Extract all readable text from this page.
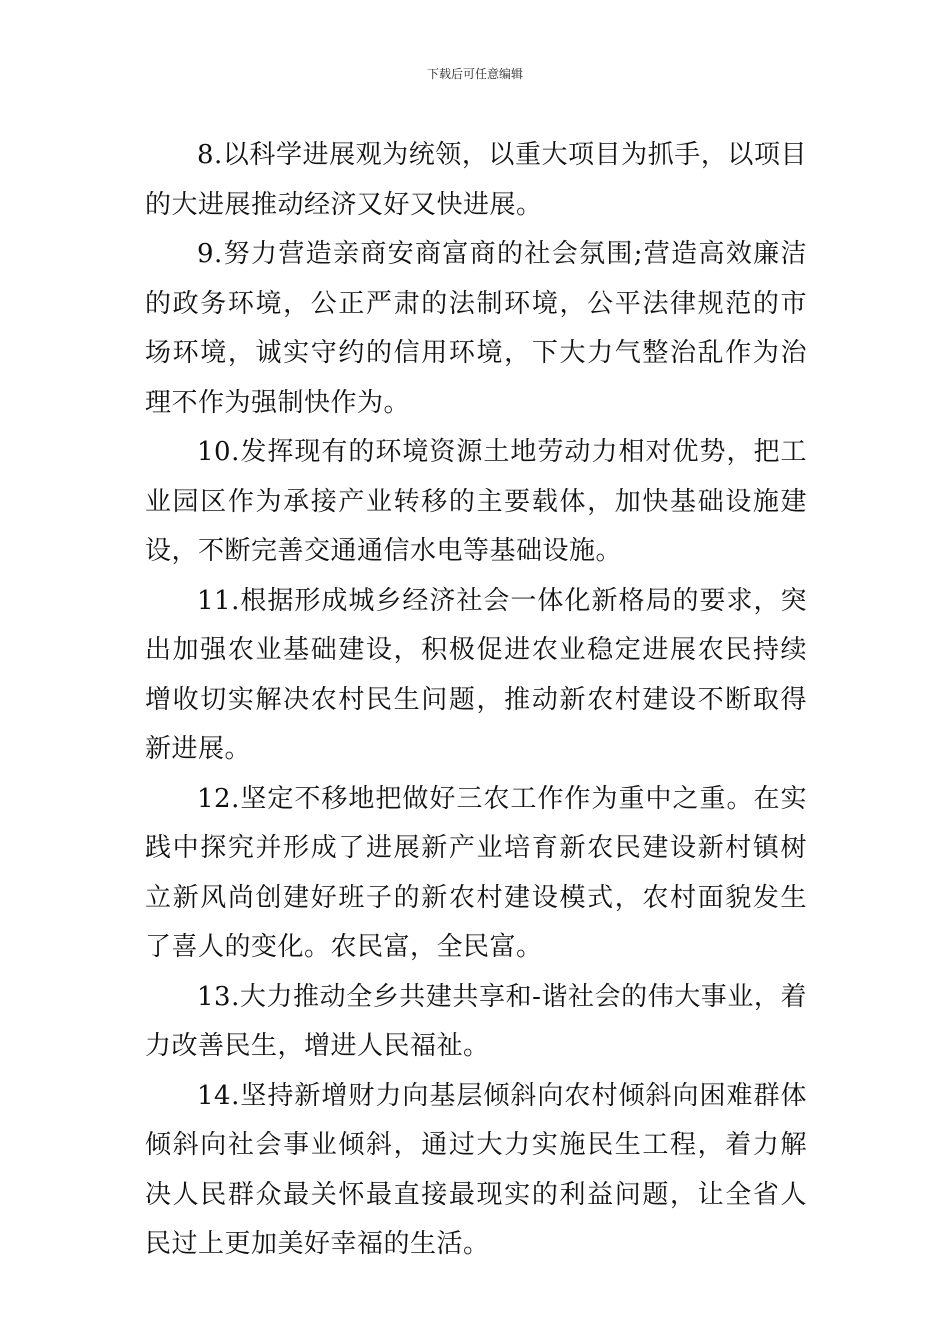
下载后可任意编辑

8.以科学进展观为统领，以重大项目为抓手，以项目的大进展推动经济又好又快进展。

9.努力营造亲商安商富商的社会氛围;营造高效廉洁的政务环境，公正严肃的法制环境，公平法律规范的市场环境，诚实守约的信用环境，下大力气整治乱作为治理不作为强制快作为。

10.发挥现有的环境资源土地劳动力相对优势，把工业园区作为承接产业转移的主要载体，加快基础设施建设，不断完善交通通信水电等基础设施。

11.根据形成城乡经济社会一体化新格局的要求，突出加强农业基础建设，积极促进农业稳定进展农民持续增收切实解决农村民生问题，推动新农村建设不断取得新进展。

12.坚定不移地把做好三农工作作为重中之重。在实践中探究并形成了进展新产业培育新农民建设新村镇树立新风尚创建好班子的新农村建设模式，农村面貌发生了喜人的变化。农民富，全民富。

13.大力推动全乡共建共享和-谐社会的伟大事业，着力改善民生，增进人民福祉。

14.坚持新增财力向基层倾斜向农村倾斜向困难群体倾斜向社会事业倾斜，通过大力实施民生工程，着力解决人民群众最关怀最直接最现实的利益问题，让全省人民过上更加美好幸福的生活。
